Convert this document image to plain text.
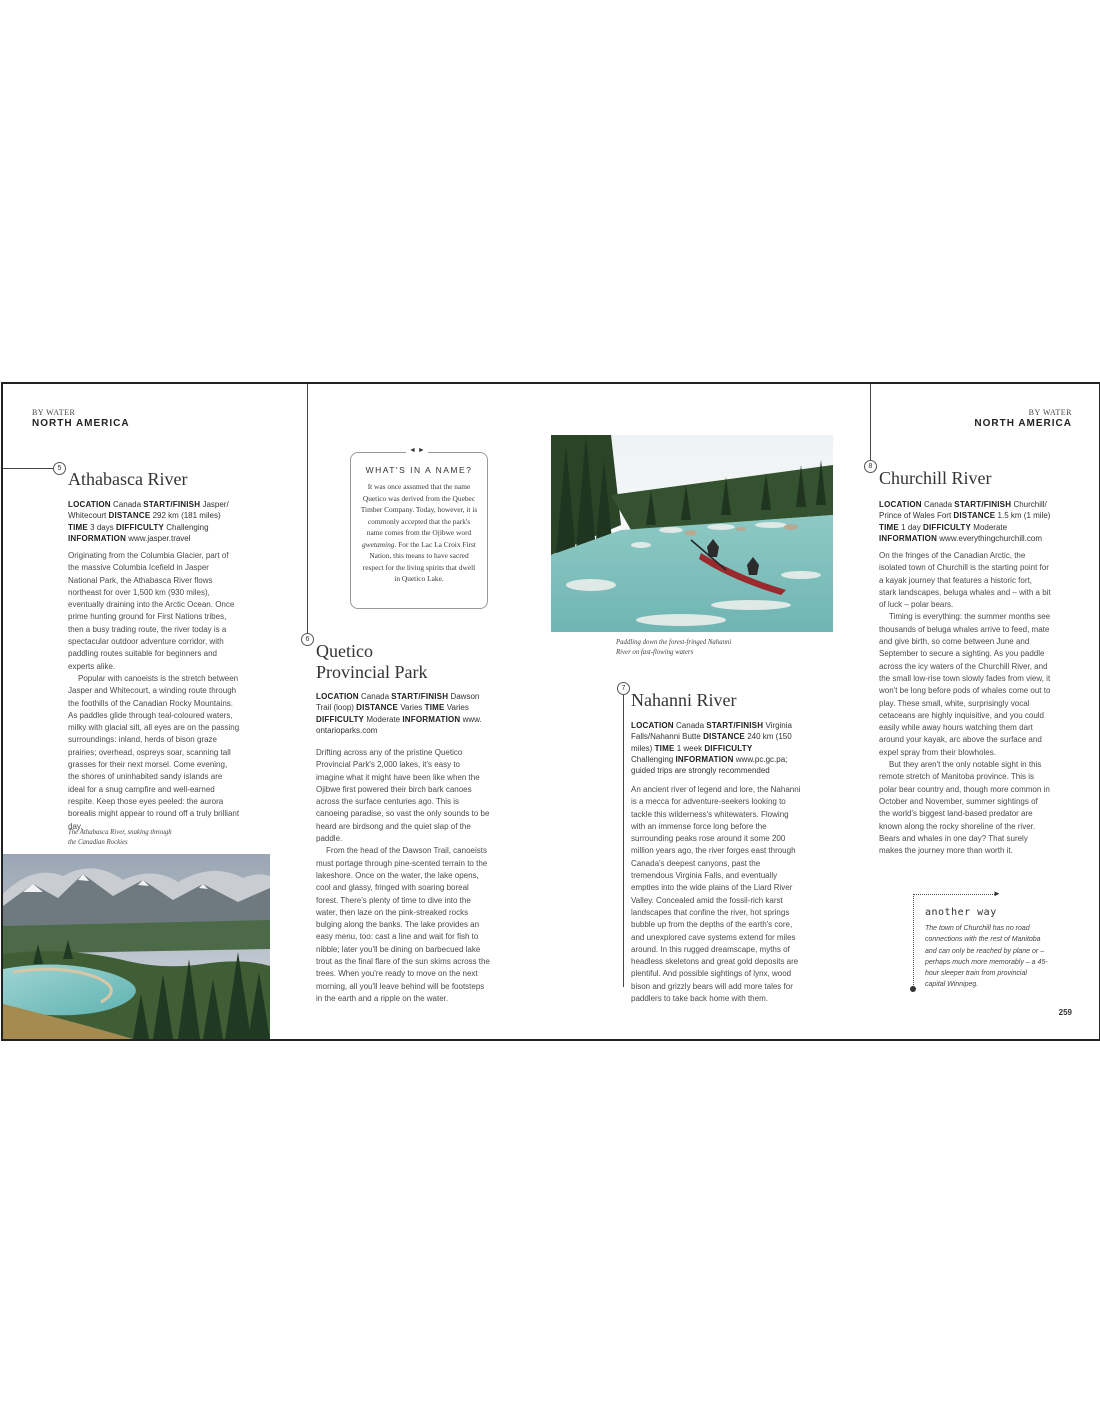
BY WATER
NORTH AMERICA
BY WATER
NORTH AMERICA
5
Athabasca River
LOCATION Canada START/FINISH Jasper/ Whitecourt DISTANCE 292 km (181 miles) TIME 3 days DIFFICULTY Challenging INFORMATION www.jasper.travel

Originating from the Columbia Glacier, part of the massive Columbia Icefield in Jasper National Park, the Athabasca River flows northeast for over 1,500 km (930 miles), eventually draining into the Arctic Ocean. Once prime hunting ground for First Nations tribes, then a busy trading route, the river today is a spectacular outdoor adventure corridor, with paddling routes suitable for beginners and experts alike.

Popular with canoeists is the stretch between Jasper and Whitecourt, a winding route through the foothills of the Canadian Rocky Mountains. As paddles glide through teal-coloured waters, milky with glacial silt, all eyes are on the passing surroundings: inland, herds of bison graze prairies; overhead, ospreys soar, scanning tall grasses for their next morsel. Come evening, the shores of uninhabited sandy islands are ideal for a snug campfire and well-earned respite. Keep those eyes peeled: the aurora borealis might appear to round off a truly brilliant day.

The Athabasca River, snaking through the Canadian Rockies
6
Quetico
Provincial Park
LOCATION Canada START/FINISH Dawson Trail (loop) DISTANCE Varies TIME Varies DIFFICULTY Moderate INFORMATION www. ontarioparks.com

Drifting across any of the pristine Quetico Provincial Park's 2,000 lakes, it's easy to imagine what it might have been like when the Ojibwe first powered their birch bark canoes across the surface centuries ago. This is canoeing paradise, so vast the only sounds to be heard are birdsong and the quiet slap of the paddle.

From the head of the Dawson Trail, canoeists must portage through pine-scented terrain to the lakeshore. Once on the water, the lake opens, cool and glassy, fringed with soaring boreal forest. There's plenty of time to dive into the water, then laze on the pink-streaked rocks bulging along the banks. The lake provides an easy menu, too: cast a line and wait for fish to nibble; later you'll be dining on barbecued lake trout as the final flare of the sun skims across the trees. When you're ready to move on the next morning, all you'll leave behind will be footsteps in the earth and a ripple on the water.

◄ ►
WHAT'S IN A NAME?
It was once assumed that the name Quetico was derived from the Quebec Timber Company. Today, however, it is commonly accepted that the park's name comes from the Ojibwe word gwetaming. For the Lac La Croix First Nation, this means to have sacred respect for the living spirits that dwell in Quetico Lake.
Paddling down the forest-fringed Nahanni River on fast-flowing waters
7
Nahanni River
LOCATION Canada START/FINISH Virginia Falls/Nahanni Butte DISTANCE 240 km (150 miles) TIME 1 week DIFFICULTY Challenging INFORMATION www.pc.gc.pa; guided trips are strongly recommended

An ancient river of legend and lore, the Nahanni is a mecca for adventure-seekers looking to tackle this wilderness's whitewaters. Flowing with an immense force long before the surrounding peaks rose around it some 200 million years ago, the river forges east through Canada's deepest canyons, past the tremendous Virginia Falls, and eventually empties into the wide plains of the Liard River Valley. Concealed amid the fossil-rich karst landscapes that confine the river, hot springs bubble up from the depths of the earth's core, and unexplored cave systems extend for miles around. In this rugged dreamscape, myths of headless skeletons and great gold deposits are plentiful. And possible sightings of lynx, wood bison and grizzly bears will add more tales for paddlers to take back home with them.

8
Churchill River
LOCATION Canada START/FINISH Churchill/ Prince of Wales Fort DISTANCE 1.5 km (1 mile) TIME 1 day DIFFICULTY Moderate INFORMATION www.everythingchurchill.com

On the fringes of the Canadian Arctic, the isolated town of Churchill is the starting point for a kayak journey that features a historic fort, stark landscapes, beluga whales and – with a bit of luck – polar bears.

Timing is everything: the summer months see thousands of beluga whales arrive to feed, mate and give birth, so come between June and September to secure a sighting. As you paddle across the icy waters of the Churchill River, and the small low-rise town slowly fades from view, it won't be long before pods of whales come out to play. These small, white, surprisingly vocal cetaceans are highly inquisitive, and you could easily while away hours watching them dart around your kayak, arc above the surface and expel spray from their blowholes.

But they aren't the only notable sight in this remote stretch of Manitoba province. This is polar bear country and, though more common in October and November, summer sightings of the world's biggest land-based predator are known along the rocky shoreline of the river. Bears and whales in one day? That surely makes the journey more than worth it.

►
another way
The town of Churchill has no road connections with the rest of Manitoba and can only be reached by plane or – perhaps much more memorably – a 45-hour sleeper train from provincial capital Winnipeg.
259
